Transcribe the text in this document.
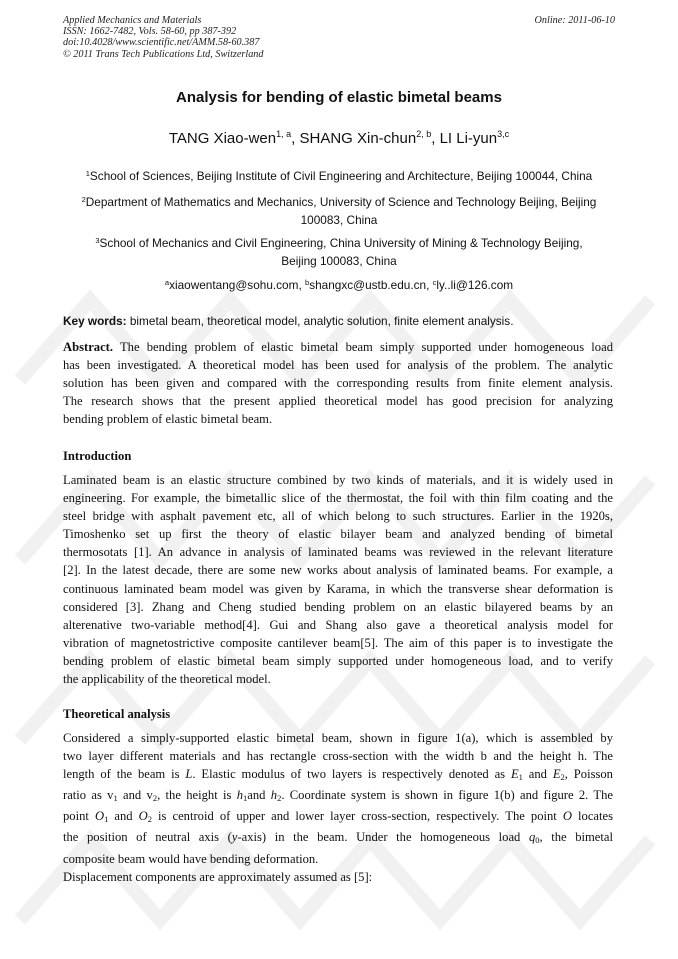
Applied Mechanics and Materials
ISSN: 1662-7482, Vols. 58-60, pp 387-392
doi:10.4028/www.scientific.net/AMM.58-60.387
© 2011 Trans Tech Publications Ltd, Switzerland
Online: 2011-06-10
Analysis for bending of elastic bimetal beams
TANG Xiao-wen$^{1, a}$, SHANG Xin-chun$^{2, b}$, LI Li-yun$^{3,c}$
$^1$School of Sciences, Beijing Institute of Civil Engineering and Architecture, Beijing 100044, China
$^2$Department of Mathematics and Mechanics, University of Science and Technology Beijing, Beijing
100083, China
$^3$School of Mechanics and Civil Engineering, China University of Mining & Technology Beijing,
Beijing 100083, China
$^a$xiaowentang@sohu.com, $^b$shangxc@ustb.edu.cn, $^c$ly..li@126.com
Key words: bimetal beam, theoretical model, analytic solution, finite element analysis.
Abstract. The bending problem of elastic bimetal beam simply supported under homogeneous load
has been investigated. A theoretical model has been used for analysis of the problem. The analytic
solution has been given and compared with the corresponding results from finite element analysis.
The research shows that the present applied theoretical model has good precision for analyzing
bending problem of elastic bimetal beam.
Introduction
Laminated beam is an elastic structure combined by two kinds of materials, and it is widely used in
engineering. For example, the bimetallic slice of the thermostat, the foil with thin film coating and the
steel bridge with asphalt pavement etc, all of which belong to such structures. Earlier in the 1920s,
Timoshenko set up first the theory of elastic bilayer beam and analyzed bending of bimetal
thermosotats [1]. An advance in analysis of laminated beams was reviewed in the relevant literature
[2]. In the latest decade, there are some new works about analysis of laminated beams. For example, a
continuous laminated beam model was given by Karama, in which the transverse shear deformation is
considered [3]. Zhang and Cheng studied bending problem on an elastic bilayered beams by an
alterenative two-variable method[4]. Gui and Shang also gave a theoretical analysis model for
vibration of magnetostrictive composite cantilever beam[5]. The aim of this paper is to investigate the
bending problem of elastic bimetal beam simply supported under homogeneous load, and to verify
the applicability of the theoretical model.
Theoretical analysis
Considered a simply-supported elastic bimetal beam, shown in figure 1(a), which is assembled by
two layer different materials and has rectangle cross-section with the width b and the height h. The
length of the beam is L. Elastic modulus of two layers is respectively denoted as $E_1$ and $E_2$, Poisson
ratio as $v_1$ and $v_2$, the height is $h_1and$ $h_2$. Coordinate system is shown in figure 1(b) and figure 2. The
point $O_1$ and $O_2$ is centroid of upper and lower layer cross-section, respectively. The point O locates
the position of neutral axis (y-axis) in the beam. Under the homogeneous load $q_0$, the bimetal
composite beam would have bending deformation.
Displacement components are approximately assumed as [5]:
